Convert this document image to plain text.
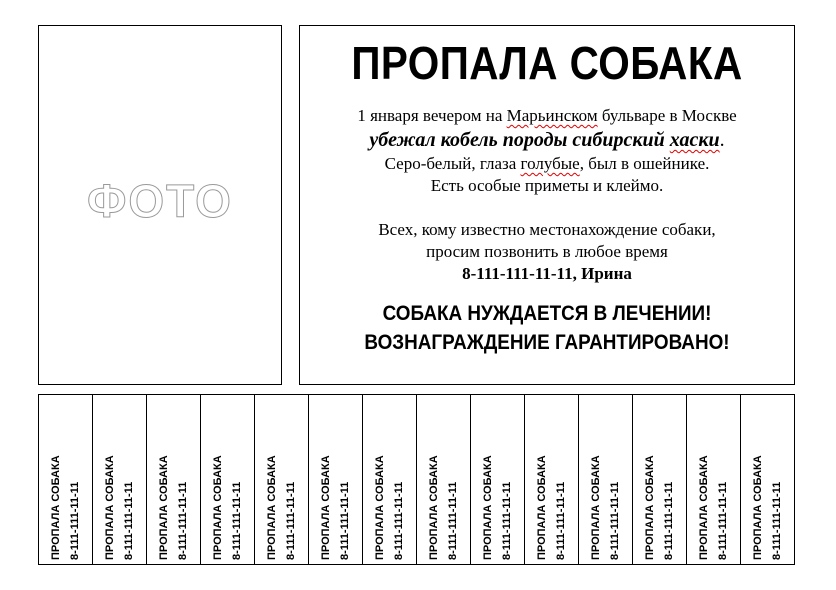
ФОТО
ПРОПАЛА СОБАКА

1 января вечером на Марьинском бульваре в Москве

убежал кобель породы сибирский хаски.

Серо-белый, глаза голубые, был в ошейнике.

Есть особые приметы и клеймо.

Всех, кому известно местонахождение собаки,

просим позвонить в любое время

8-111-111-11-11, Ирина

СОБАКА НУЖДАЕТСЯ В ЛЕЧЕНИИ!

ВОЗНАГРАЖДЕНИЕ ГАРАНТИРОВАНО!

ПРОПАЛА СОБАКА 8-111-111-11-11	ПРОПАЛА СОБАКА 8-111-111-11-11	ПРОПАЛА СОБАКА 8-111-111-11-11	ПРОПАЛА СОБАКА 8-111-111-11-11	ПРОПАЛА СОБАКА 8-111-111-11-11	ПРОПАЛА СОБАКА 8-111-111-11-11	ПРОПАЛА СОБАКА 8-111-111-11-11	ПРОПАЛА СОБАКА 8-111-111-11-11	ПРОПАЛА СОБАКА 8-111-111-11-11	ПРОПАЛА СОБАКА 8-111-111-11-11	ПРОПАЛА СОБАКА 8-111-111-11-11	ПРОПАЛА СОБАКА 8-111-111-11-11	ПРОПАЛА СОБАКА 8-111-111-11-11	ПРОПАЛА СОБАКА 8-111-111-11-11
